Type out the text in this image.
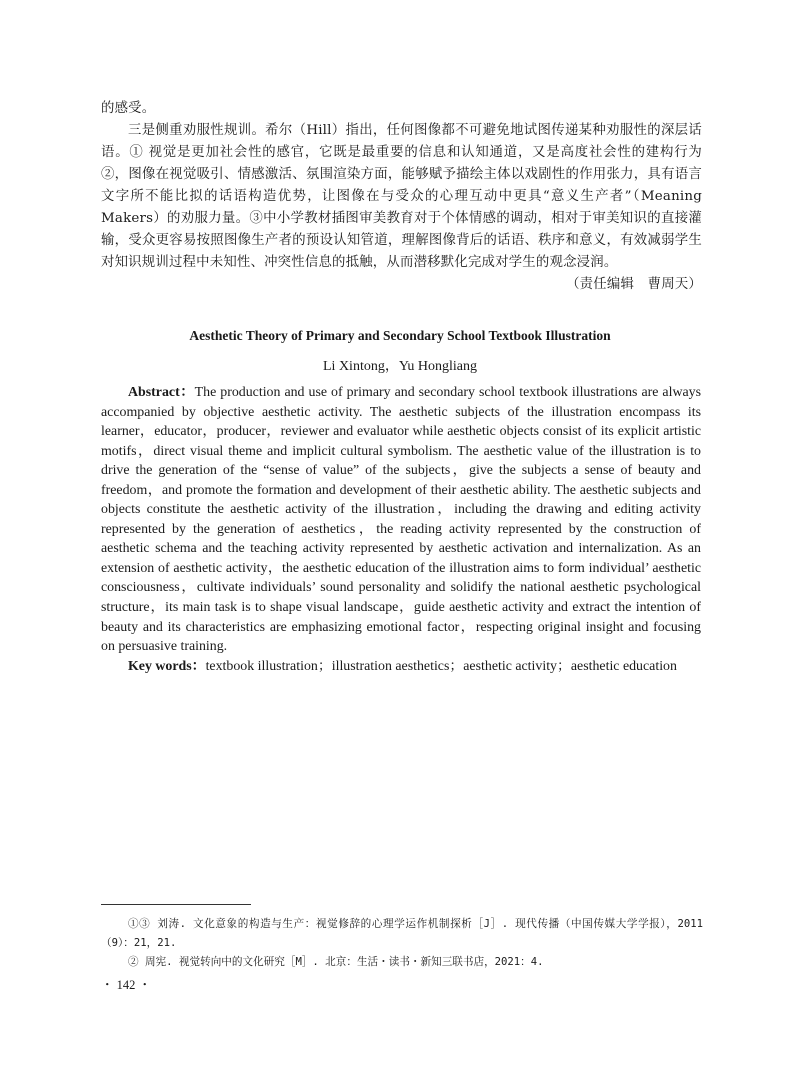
的感受。

三是侧重劝服性规训。希尔（Hill）指出，任何图像都不可避免地试图传递某种劝服性的深层话语。① 视觉是更加社会性的感官，它既是最重要的信息和认知通道，又是高度社会性的建构行为②，图像在视觉吸引、情感激活、氛围渲染方面，能够赋予描绘主体以戏剧性的作用张力，具有语言文字所不能比拟的话语构造优势，让图像在与受众的心理互动中更具“意义生产者”（Meaning Makers）的劝服力量。③中小学教材插图审美教育对于个体情感的调动，相对于审美知识的直接灌输，受众更容易按照图像生产者的预设认知管道，理解图像背后的话语、秩序和意义，有效减弱学生对知识规训过程中未知性、冲突性信息的抵触，从而潜移默化完成对学生的观念浸润。

（责任编辑　曹周天）

Aesthetic Theory of Primary and Secondary School Textbook Illustration
Li Xintong，Yu Hongliang

Abstract：The production and use of primary and secondary school textbook illustrations are always accompanied by objective aesthetic activity. The aesthetic subjects of the illustration encompass its learner，educator，producer，reviewer and evaluator while aesthetic objects consist of its explicit artistic motifs，direct visual theme and implicit cultural symbolism. The aesthetic value of the illustration is to drive the generation of the “sense of value” of the subjects，give the subjects a sense of beauty and freedom，and promote the formation and development of their aesthetic ability. The aesthetic subjects and objects constitute the aesthetic activity of the illustration，including the drawing and editing activity represented by the generation of aesthetics，the reading activity represented by the construction of aesthetic schema and the teaching activity represented by aesthetic activation and internalization. As an extension of aesthetic activity，the aesthetic education of the illustration aims to form individual’ aesthetic consciousness，cultivate individuals’ sound personality and solidify the national aesthetic psychological structure，its main task is to shape visual landscape，guide aesthetic activity and extract the intention of beauty and its characteristics are emphasizing emotional factor，respecting original insight and focusing on persuasive training.

Key words：textbook illustration；illustration aesthetics；aesthetic activity；aesthetic education

①③ 刘涛. 文化意象的构造与生产：视觉修辞的心理学运作机制探析［J］. 现代传播（中国传媒大学学报），2011（9）：21，21.

② 周宪. 视觉转向中的文化研究［M］. 北京：生活・读书・新知三联书店，2021：4.

・ 142 ・
